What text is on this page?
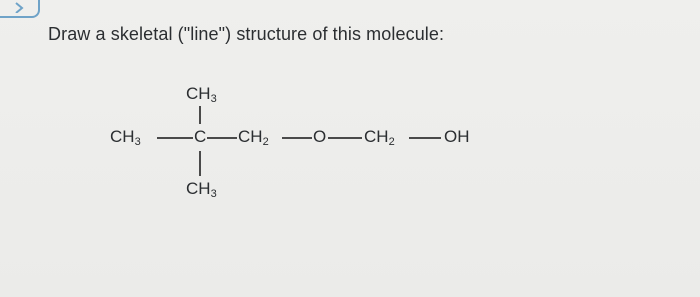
Draw a skeletal ("line") structure of this molecule:
$CH_3$
$CH_3$	C $CH_2$	O $CH_2$	OH
$CH_3$
